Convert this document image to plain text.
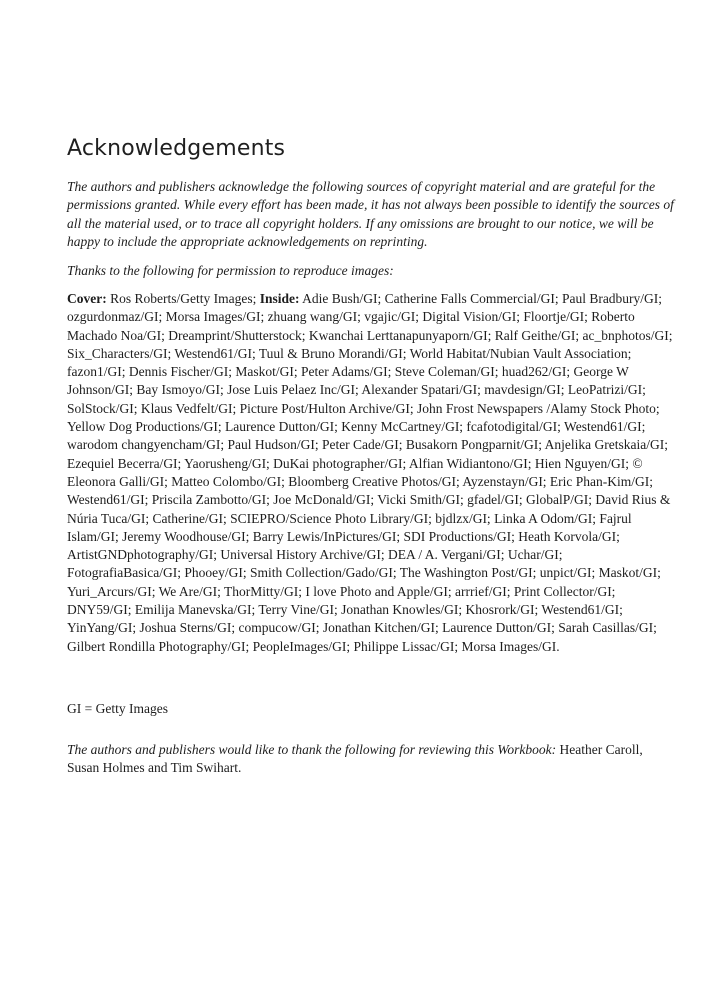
Acknowledgements

The authors and publishers acknowledge the following sources of copyright material and are grateful for the permissions granted. While every effort has been made, it has not always been possible to identify the sources of all the material used, or to trace all copyright holders. If any omissions are brought to our notice, we will be happy to include the appropriate acknowledgements on reprinting.

Thanks to the following for permission to reproduce images:

Cover: Ros Roberts/Getty Images; Inside: Adie Bush/GI; Catherine Falls Commercial/GI; Paul Bradbury/GI; ozgurdonmaz/GI; Morsa Images/GI; zhuang wang/GI; vgajic/GI; Digital Vision/GI; Floortje/GI; Roberto Machado Noa/GI; Dreamprint/Shutterstock; Kwanchai Lerttanapunyaporn/GI; Ralf Geithe/GI; ac_bnphotos/GI; Six_Characters/GI; Westend61/GI; Tuul & Bruno Morandi/GI; World Habitat/Nubian Vault Association; fazon1/GI; Dennis Fischer/GI; Maskot/GI; Peter Adams/GI; Steve Coleman/GI; huad262/GI; George W Johnson/GI; Bay Ismoyo/GI; Jose Luis Pelaez Inc/GI; Alexander Spatari/GI; mavdesign/GI; LeoPatrizi/GI; SolStock/GI; Klaus Vedfelt/GI; Picture Post/Hulton Archive/GI; John Frost Newspapers /Alamy Stock Photo; Yellow Dog Productions/GI; Laurence Dutton/GI; Kenny McCartney/GI; fcafotodigital/GI; Westend61/GI; warodom changyencham/GI; Paul Hudson/GI; Peter Cade/GI; Busakorn Pongparnit/GI; Anjelika Gretskaia/GI; Ezequiel Becerra/GI; Yaorusheng/GI; DuKai photographer/GI; Alfian Widiantono/GI; Hien Nguyen/GI; © Eleonora Galli/GI; Matteo Colombo/GI; Bloomberg Creative Photos/GI; Ayzenstayn/GI; Eric Phan-Kim/GI; Westend61/GI; Priscila Zambotto/GI; Joe McDonald/GI; Vicki Smith/GI; gfadel/GI; GlobalP/GI; David Rius & Núria Tuca/GI; Catherine/GI; SCIEPRO/Science Photo Library/GI; bjdlzx/GI; Linka A Odom/GI; Fajrul Islam/GI; Jeremy Woodhouse/GI; Barry Lewis/InPictures/GI; SDI Productions/GI; Heath Korvola/GI; ArtistGNDphotography/GI; Universal History Archive/GI; DEA / A. Vergani/GI; Uchar/GI; FotografiaBasica/GI; Phooey/GI; Smith Collection/Gado/GI; The Washington Post/GI; unpict/GI; Maskot/GI; Yuri_Arcurs/GI; We Are/GI; ThorMitty/GI; I love Photo and Apple/GI; arrrief/GI; Print Collector/GI; DNY59/GI; Emilija Manevska/GI; Terry Vine/GI; Jonathan Knowles/GI; Khosrork/GI; Westend61/GI; YinYang/GI; Joshua Sterns/GI; compucow/GI; Jonathan Kitchen/GI; Laurence Dutton/GI; Sarah Casillas/GI; Gilbert Rondilla Photography/GI; PeopleImages/GI; Philippe Lissac/GI; Morsa Images/GI.

GI = Getty Images

The authors and publishers would like to thank the following for reviewing this Workbook: Heather Caroll, Susan Holmes and Tim Swihart.
